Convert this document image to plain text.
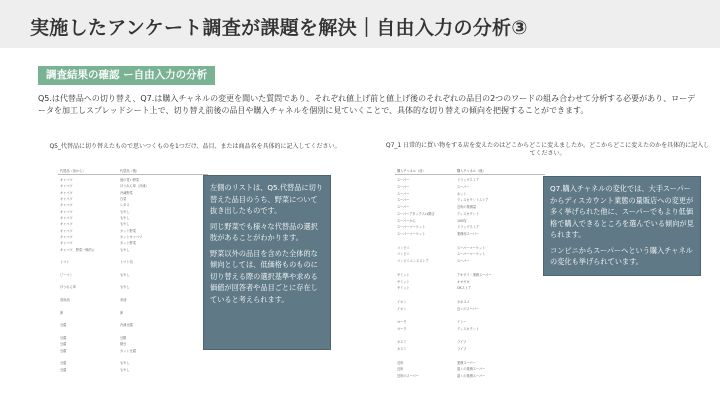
実施したアンケート調査が課題を解決｜自由入力の分析③
調査結果の確認 ー自由入力の分析
Q5.は代替品への切り替え、Q7.は購入チャネルの変更を聞いた質問であり、それぞれ値上げ前と値上げ後のそれぞれの品目の2つのワードの組み合わせて分析する必要があり、ローデータを加工しスプレッドシート上で、切り替え前後の品目や購入チャネルを個別に見ていくことで、具体的な切り替えの傾向を把握することができます。
Q5_代替品に切り替えたもので思いつくものを1つだけ、品目、または商品名を具体的に記入してください。	Q7_1 日常的に買い物をする店を変えたのはどこからどこに変えましたか。どこからどこに変えたのかを具体的に記入してください。
代替品（前から）	代替品（後）
キャベツ	他の青い野菜
キャベツ	ほうれん草（冷凍）
キャベツ	冷凍野菜
キャベツ	白菜
キャベツ	レタス
キャベツ	もやし
キャベツ	もやし
キャベツ	もやし
キャベツ	カット野菜
キャベツ	カットキャベツ
キャベツ	カット野菜
キャベツ、野菜一般的に	もやし
トマト	トマト缶
ピーマン	もやし
ほうれん草	もやし
食用油	米油
卵	卵
豆腐	冷凍豆腐
豆腐	豆類
豆腐	納豆
豆腐	カット豆腐
豆腐	もやし
豆腐	もやし
購入チャネル（前）	購入チャネル（後）
スーパー	ドラッグストア
スーパー	スーパー
スーパー	ネット
スーパー	ディスカウントストア
スーパー	近所の業務量
スーパーアタックスは閉店	ディスカウント
スーパーから	100均
スーパーマーケット	ドラッグストア
スーパーマーケット	業務用スーパー
コンビニ	スーパーマーケット
コンビニ	スーパーマーケット
コンビニエンスストア	スーパー
サミット	アキダイ・業務スーパー
サミット	オオゼキ
サミット	OKストア
イオン	カネスエ
イオン	近くのスーパー
ヨーク	イトー
ヨーク	ディスカウント
カスミ	ライフ
カスミ	ライフ
近所	業務スーパー
近所	遠くの業務スーパー
近所のスーパー	遠くの業務スーパー

左側のリストは、Q5.代替品に切り替えた品目のうち、野菜について抜き出したものです。

同じ野菜でも様々な代替品の選択肢があることがわかります。

野菜以外の品目を含めた全体的な傾向としては、低価格ものものに切り替える際の選択基準や求める価値が回答者や品目ごとに存在していると考えられます。

Q7.購入チャネルの変化では、大手スーパーからディスカウント業態の量販店への変更が多く挙げられた他に、スーパーでもより低価格で購入できるところを選んでいる傾向が見られます。

コンビニからスーパーへという購入チャネルの変化も挙げられています。
